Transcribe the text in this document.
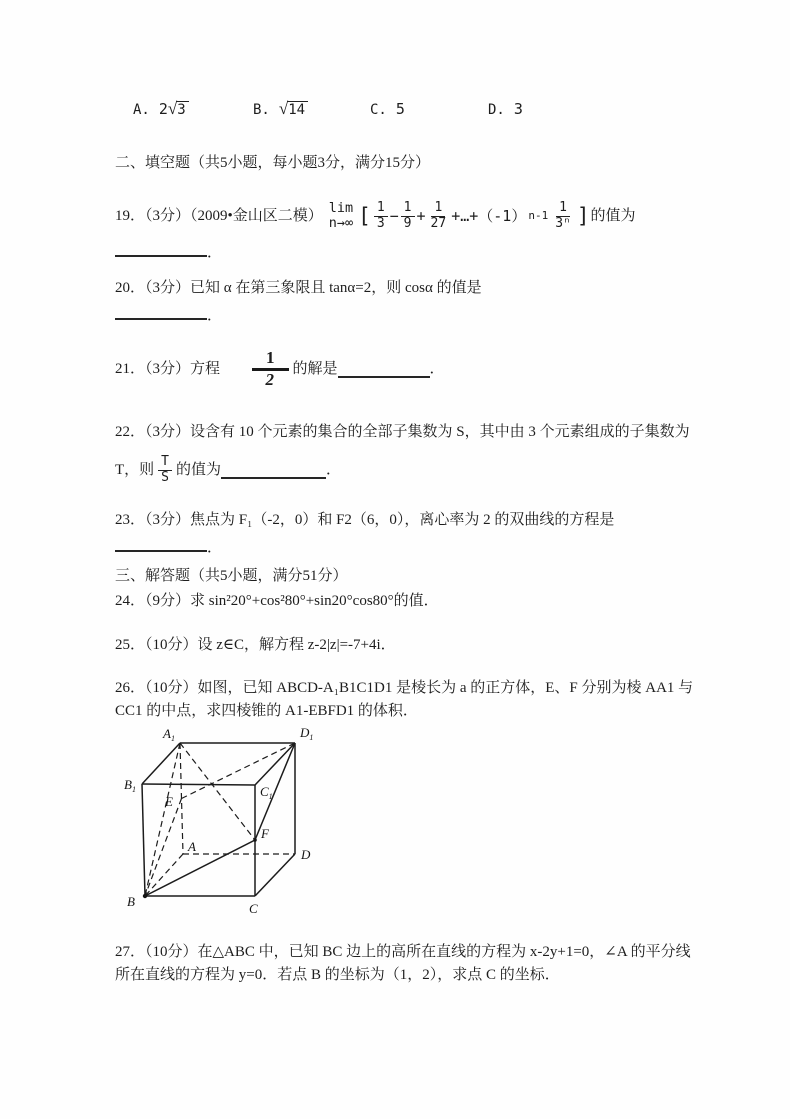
A. 2√3	B. √14	C. 5	D. 3
二、填空题（共5小题，每小题3分，满分15分）
19．（3分）（2009•金山区二模） lim
n→∞ [ $\frac{1}{3} - \frac{1}{9} + \frac{1}{27}$ +…+ （-1） $n-1 \frac{1}{\text{3ⁿ}}$ ] 的值为
．
20．（3分）已知 α 在第三象限且 tanα=2，则 cosα 的值是
．
21．（3分）方程 $\frac{1}{2}$ 的解是	．
22．（3分）设含有 10 个元素的集合的全部子集数为 S，其中由 3 个元素组成的子集数为
T，则 $\frac{T}{S}$ 的值为	．
23．（3分）焦点为 F₁（-2，0）和 F2（6，0），离心率为 2 的双曲线的方程是
．
三、解答题（共5小题，满分51分）
24．（9分）求 sin²20°+cos²80°+sin20°cos80°的值．
25．（10分）设 z∈C，解方程 z-2|z|=-7+4i．
26．（10分）如图，已知 ABCD-A₁B1C1D1 是棱长为 a 的正方体，E、F 分别为棱 AA1 与
CC1 的中点，求四棱锥的 A1-EBFD1 的体积．
$A_1$	$D_1$
$B_1$	$C_1$
E
A
F
D
B	C
27．（10分）在△ABC 中，已知 BC 边上的高所在直线的方程为 x-2y+1=0，∠A 的平分线
所在直线的方程为 y=0．若点 B 的坐标为（1，2），求点 C 的坐标．
